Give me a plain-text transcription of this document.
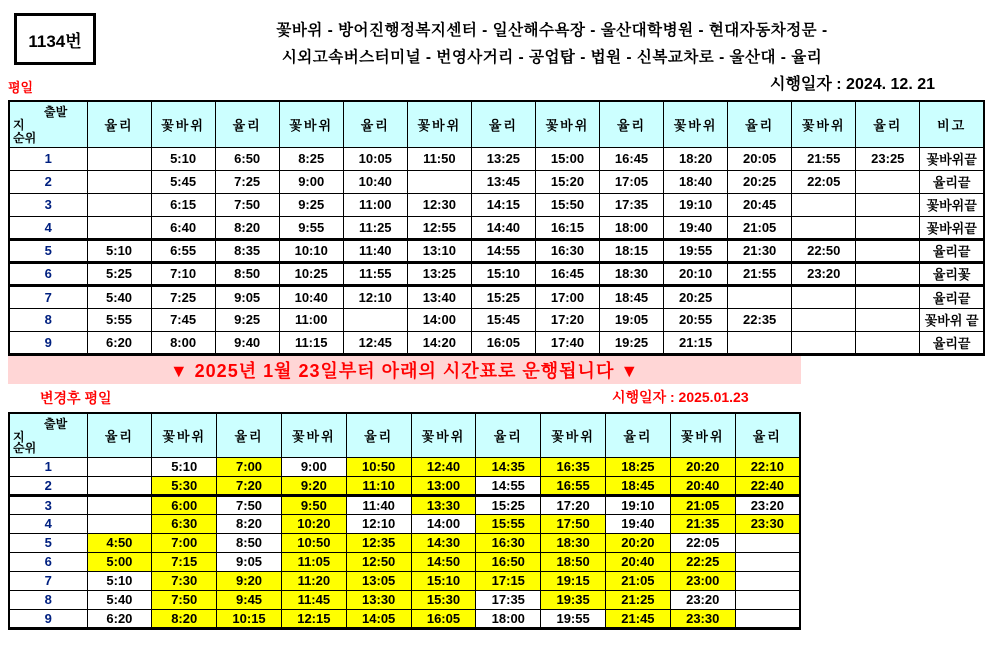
1134번
꽃바위 - 방어진행정복지센터 - 일산해수욕장 - 울산대학병원 - 현대자동차정문 -
시외고속버스터미널 - 번영사거리 - 공업탑 - 법원 - 신복교차로 - 울산대 - 율리
평일	시행일자 : 2024. 12. 21
출발
지
순위	율리	꽃바위	율리	꽃바위	율리	꽃바위	율리	꽃바위	율리	꽃바위	율리	꽃바위	율리	비고
1		5:10	6:50	8:25	10:05	11:50	13:25	15:00	16:45	18:20	20:05	21:55	23:25	꽃바위끝
2		5:45	7:25	9:00	10:40		13:45	15:20	17:05	18:40	20:25	22:05		율리끝
3		6:15	7:50	9:25	11:00	12:30	14:15	15:50	17:35	19:10	20:45			꽃바위끝
4		6:40	8:20	9:55	11:25	12:55	14:40	16:15	18:00	19:40	21:05			꽃바위끝
5	5:10	6:55	8:35	10:10	11:40	13:10	14:55	16:30	18:15	19:55	21:30	22:50		율리끝
6	5:25	7:10	8:50	10:25	11:55	13:25	15:10	16:45	18:30	20:10	21:55	23:20		율리꽃
7	5:40	7:25	9:05	10:40	12:10	13:40	15:25	17:00	18:45	20:25				율리끝
8	5:55	7:45	9:25	11:00		14:00	15:45	17:20	19:05	20:55	22:35			꽃바위 끝
9	6:20	8:00	9:40	11:15	12:45	14:20	16:05	17:40	19:25	21:15				율리끝
▼ 2025년 1월 23일부터 아래의 시간표로 운행됩니다 ▼
변경후 평일	시행일자 : 2025.01.23
출발
지
순위	율리	꽃바위	율리	꽃바위	율리	꽃바위	율리	꽃바위	율리	꽃바위	율리
1		5:10	7:00	9:00	10:50	12:40	14:35	16:35	18:25	20:20	22:10
2		5:30	7:20	9:20	11:10	13:00	14:55	16:55	18:45	20:40	22:40
3		6:00	7:50	9:50	11:40	13:30	15:25	17:20	19:10	21:05	23:20
4		6:30	8:20	10:20	12:10	14:00	15:55	17:50	19:40	21:35	23:30
5	4:50	7:00	8:50	10:50	12:35	14:30	16:30	18:30	20:20	22:05	
6	5:00	7:15	9:05	11:05	12:50	14:50	16:50	18:50	20:40	22:25	
7	5:10	7:30	9:20	11:20	13:05	15:10	17:15	19:15	21:05	23:00	
8	5:40	7:50	9:45	11:45	13:30	15:30	17:35	19:35	21:25	23:20	
9	6:20	8:20	10:15	12:15	14:05	16:05	18:00	19:55	21:45	23:30	
